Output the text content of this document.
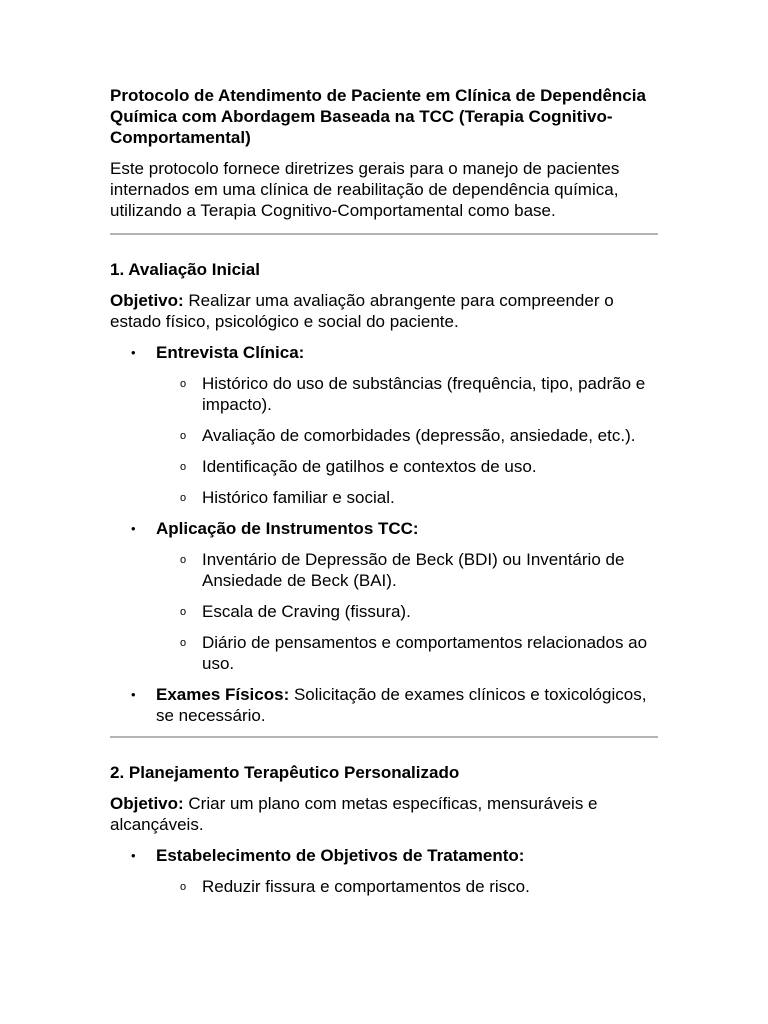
Protocolo de Atendimento de Paciente em Clínica de Dependência Química com Abordagem Baseada na TCC (Terapia Cognitivo-Comportamental)
Este protocolo fornece diretrizes gerais para o manejo de pacientes internados em uma clínica de reabilitação de dependência química, utilizando a Terapia Cognitivo-Comportamental como base.
1. Avaliação Inicial
Objetivo: Realizar uma avaliação abrangente para compreender o estado físico, psicológico e social do paciente.
• Entrevista Clínica:
o Histórico do uso de substâncias (frequência, tipo, padrão e impacto).
o Avaliação de comorbidades (depressão, ansiedade, etc.).
o Identificação de gatilhos e contextos de uso.
o Histórico familiar e social.
• Aplicação de Instrumentos TCC:
o Inventário de Depressão de Beck (BDI) ou Inventário de Ansiedade de Beck (BAI).
o Escala de Craving (fissura).
o Diário de pensamentos e comportamentos relacionados ao uso.
• Exames Físicos: Solicitação de exames clínicos e toxicológicos, se necessário.
2. Planejamento Terapêutico Personalizado
Objetivo: Criar um plano com metas específicas, mensuráveis e alcançáveis.
• Estabelecimento de Objetivos de Tratamento:
o Reduzir fissura e comportamentos de risco.
